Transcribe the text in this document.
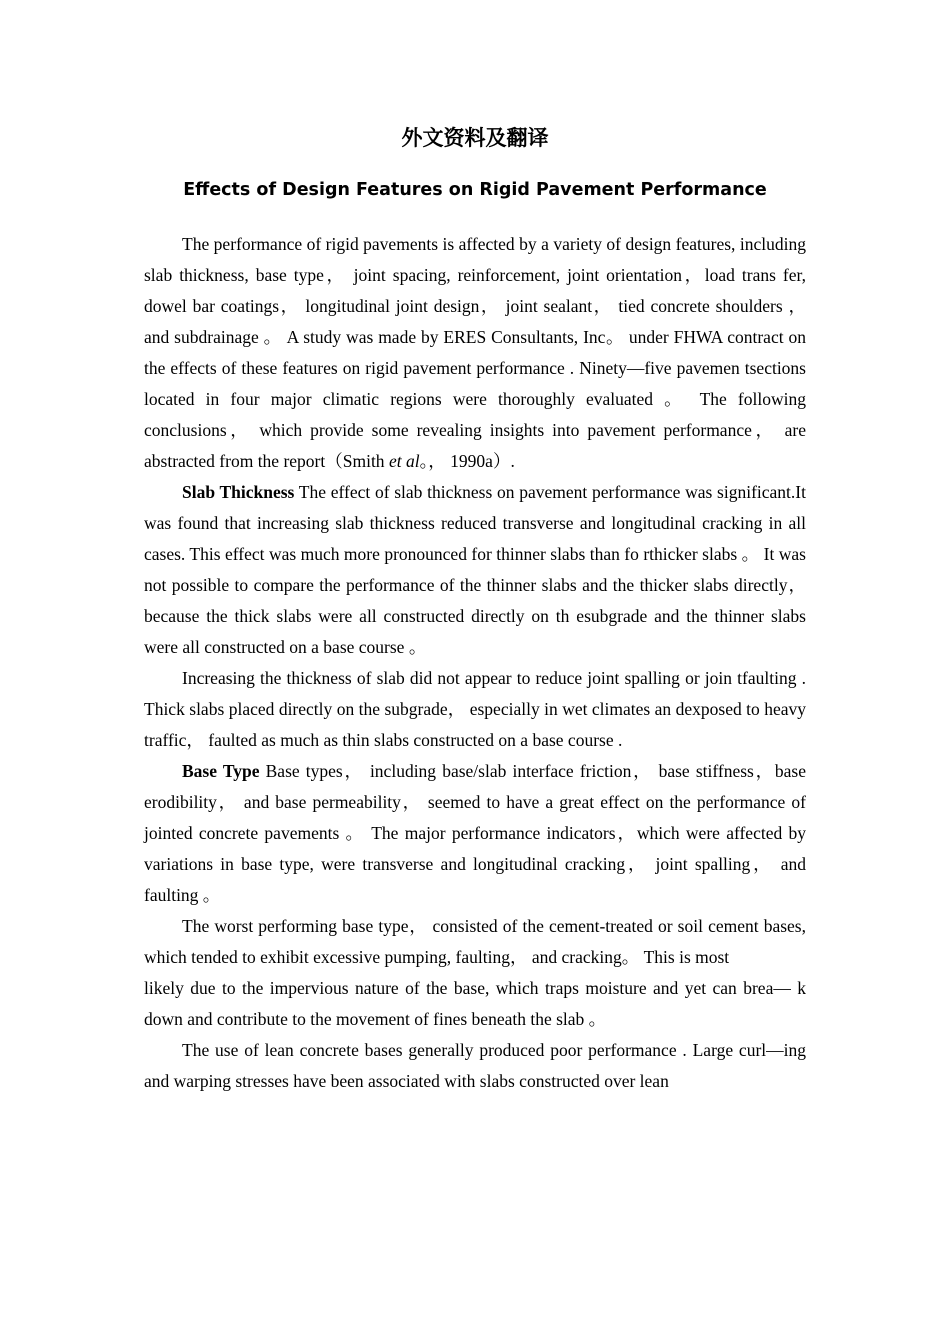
外文资料及翻译
Effects of Design Features on Rigid Pavement Performance

The performance of rigid pavements is affected by a variety of design features, including slab thickness, base type， joint spacing, reinforcement, joint orientation，load trans fer, dowel bar coatings， longitudinal joint design， joint sealant， tied concrete shoulders ，and subdrainage 。 A study was made by ERES Consultants, Inc。 under FHWA contract on the effects of these features on rigid pavement performance . Ninety—five pavemen tsections located in four major climatic regions were thoroughly evaluated 。 The following conclusions， which provide some revealing insights into pavement performance， are abstracted from the report（Smith et al。， 1990a）.

Slab Thickness The effect of slab thickness on pavement performance was significant.It was found that increasing slab thickness reduced transverse and longitudinal cracking in all cases. This effect was much more pronounced for thinner slabs than fo rthicker slabs 。 It was not possible to compare the performance of the thinner slabs and the thicker slabs directly， because the thick slabs were all constructed directly on th esubgrade and the thinner slabs were all constructed on a base course 。

Increasing the thickness of slab did not appear to reduce joint spalling or join tfaulting . Thick slabs placed directly on the subgrade， especially in wet climates an dexposed to heavy traffic， faulted as much as thin slabs constructed on a base course .

Base Type Base types， including base/slab interface friction， base stiffness，base erodibility， and base permeability， seemed to have a great effect on the performance of jointed concrete pavements 。 The major performance indicators，which were affected by variations in base type, were transverse and longitudinal cracking， joint spalling， and faulting 。

The worst performing base type， consisted of the cement-treated or soil cement bases, which tended to exhibit excessive pumping, faulting， and cracking。 This is most

likely due to the impervious nature of the base, which traps moisture and yet can brea— k down and contribute to the movement of fines beneath the slab 。

The use of lean concrete bases generally produced poor performance . Large curl—ing and warping stresses have been associated with slabs constructed over lean
